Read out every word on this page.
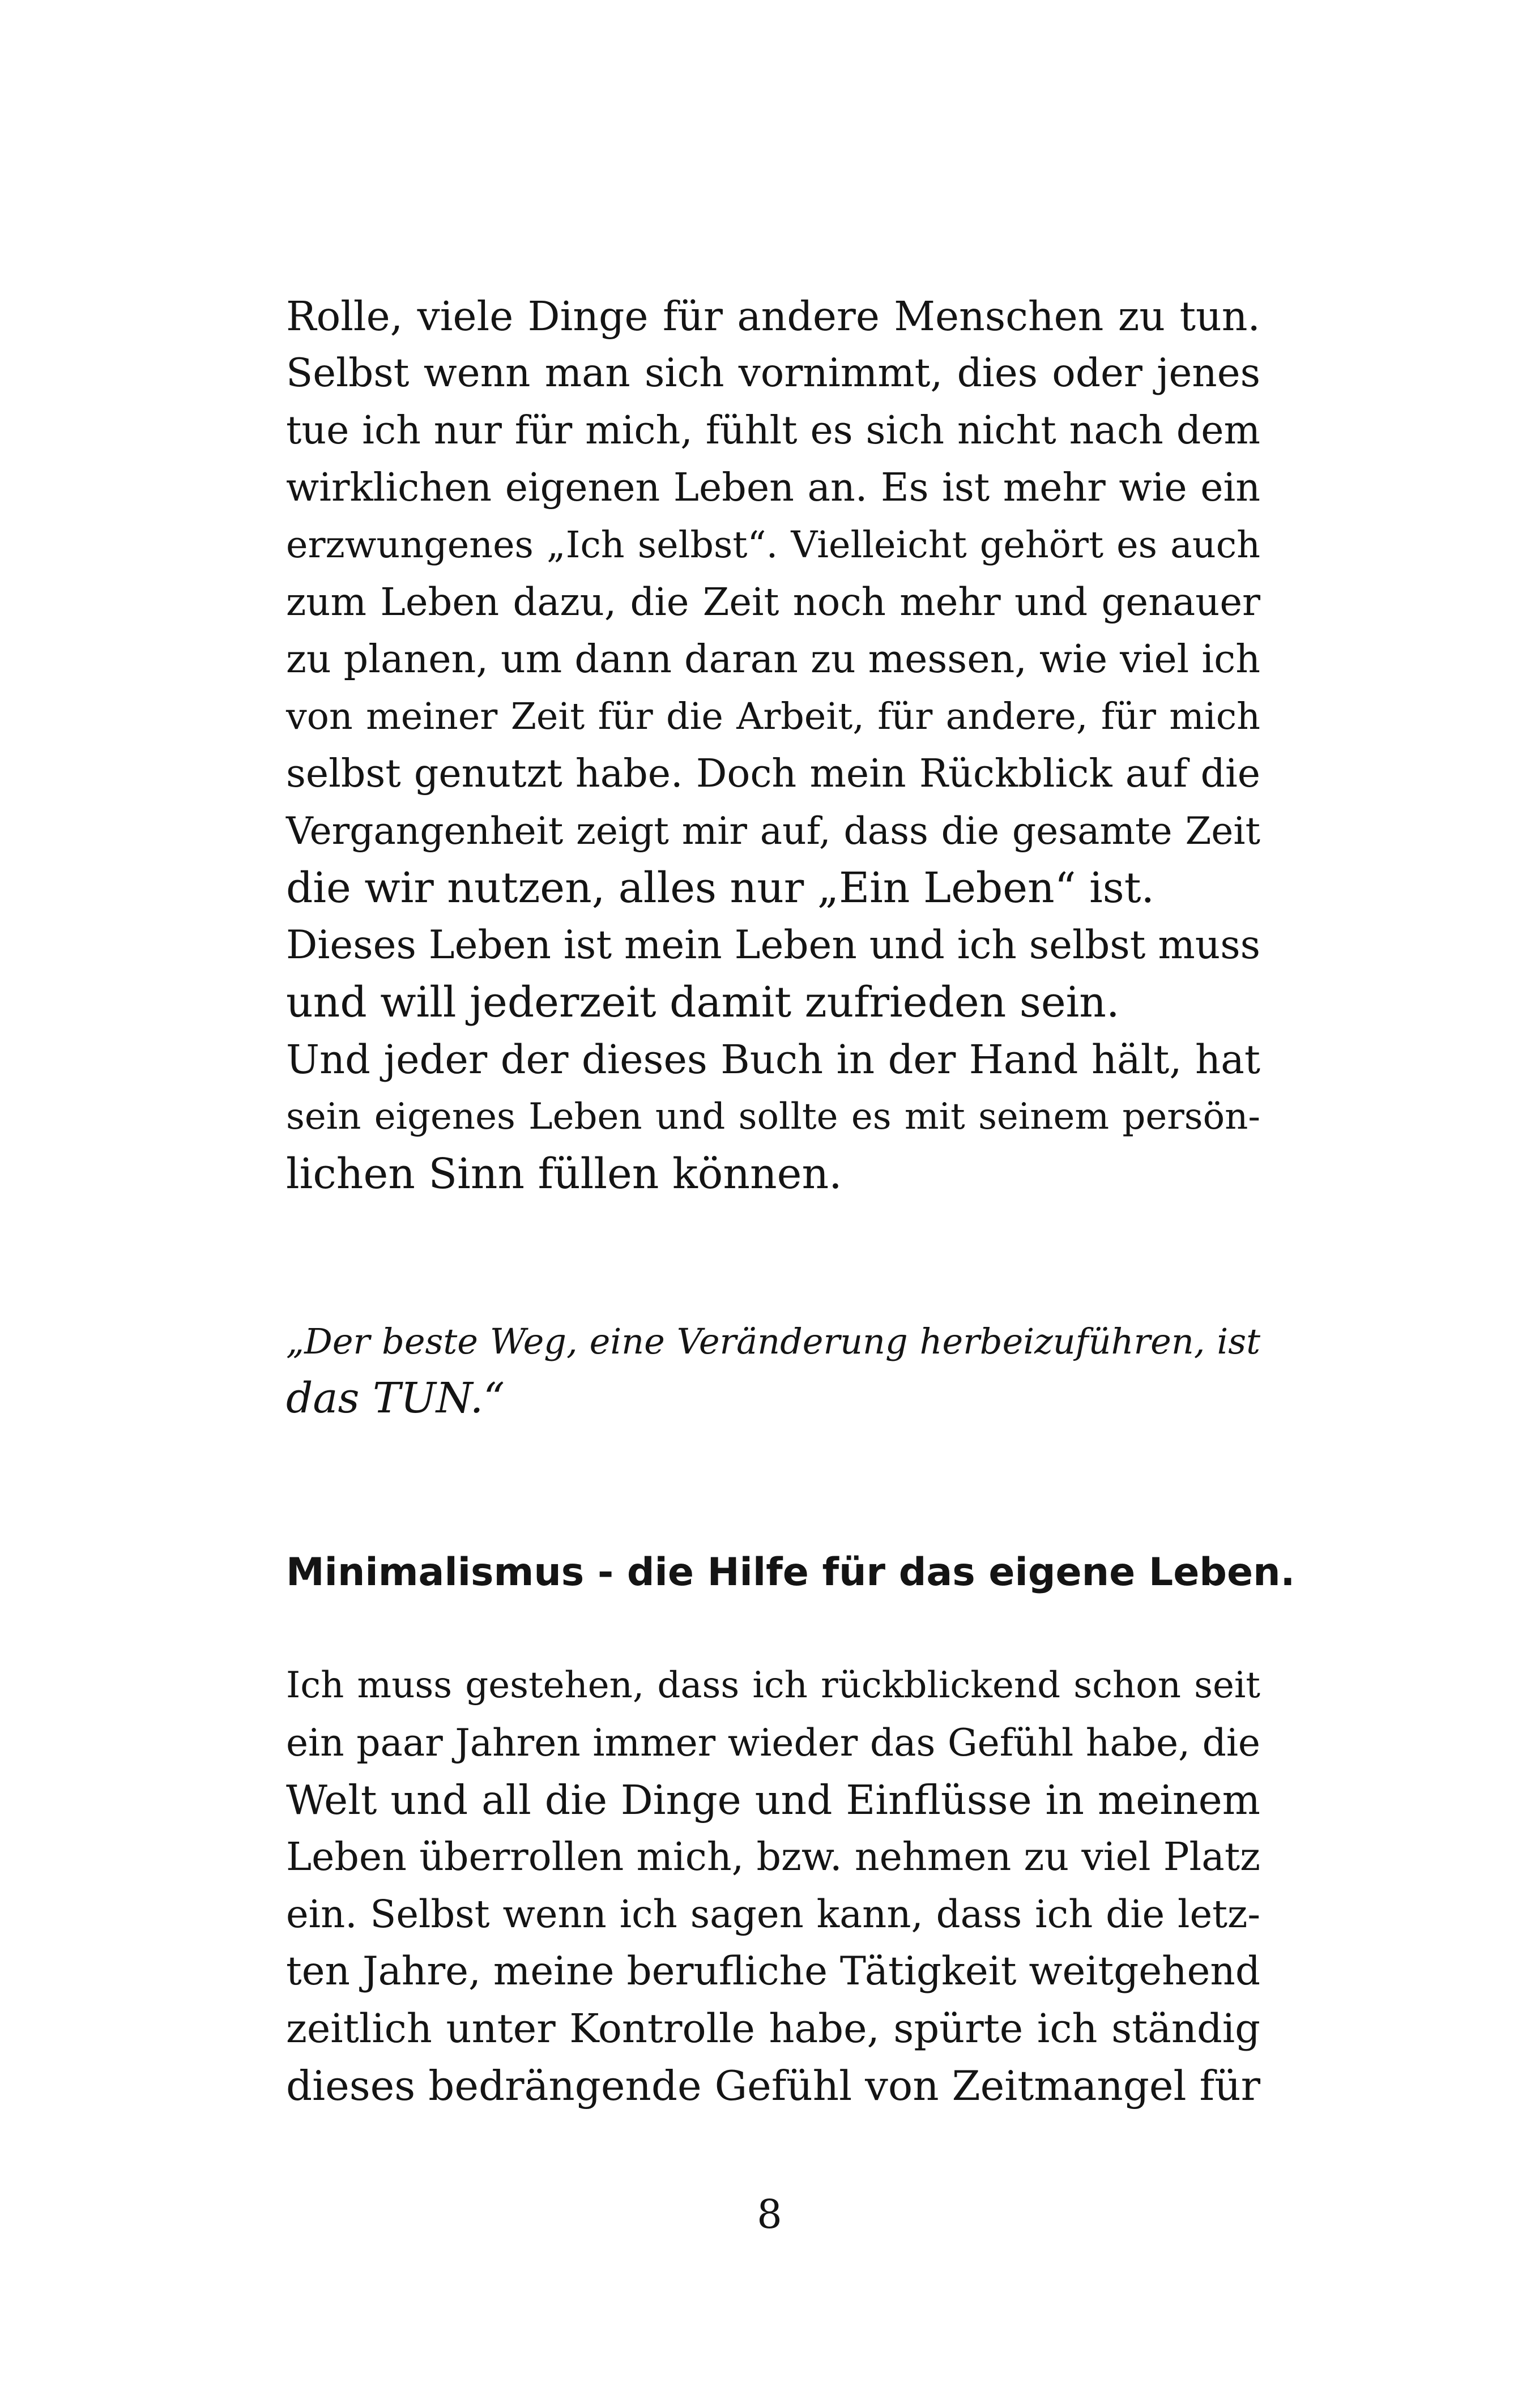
Rolle, viele Dinge für andere Menschen zu tun.
Selbst wenn man sich vornimmt, dies oder jenes
tue ich nur für mich, fühlt es sich nicht nach dem
wirklichen eigenen Leben an. Es ist mehr wie ein
erzwungenes „Ich selbst“. Vielleicht gehört es auch
zum Leben dazu, die Zeit noch mehr und genauer
zu planen, um dann daran zu messen, wie viel ich
von meiner Zeit für die Arbeit, für andere, für mich
selbst genutzt habe. Doch mein Rückblick auf die
Vergangenheit zeigt mir auf, dass die gesamte Zeit
die wir nutzen, alles nur „Ein Leben“ ist.
Dieses Leben ist mein Leben und ich selbst muss
und will jederzeit damit zufrieden sein.
Und jeder der dieses Buch in der Hand hält, hat
sein eigenes Leben und sollte es mit seinem persön-
lichen Sinn füllen können.
„Der beste Weg, eine Veränderung herbeizuführen, ist
das TUN.“
Minimalismus - die Hilfe für das eigene Leben.
Ich muss gestehen, dass ich rückblickend schon seit
ein paar Jahren immer wieder das Gefühl habe, die
Welt und all die Dinge und Einflüsse in meinem
Leben überrollen mich, bzw. nehmen zu viel Platz
ein. Selbst wenn ich sagen kann, dass ich die letz-
ten Jahre, meine berufliche Tätigkeit weitgehend
zeitlich unter Kontrolle habe, spürte ich ständig
dieses bedrängende Gefühl von Zeitmangel für
8
